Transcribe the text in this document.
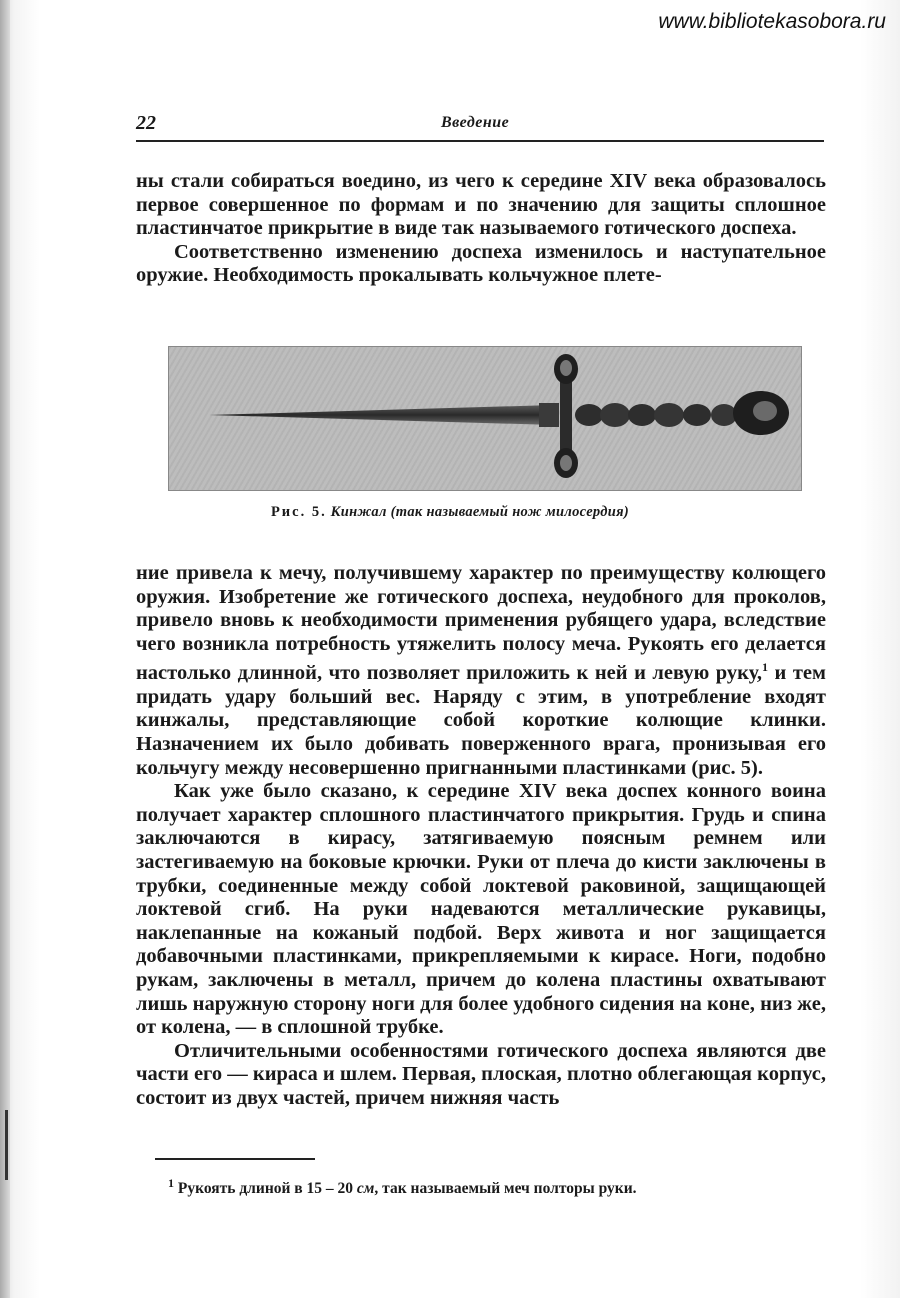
www.bibliotekasobora.ru
22	Введение

ны стали собираться воедино, из чего к середине XIV века образовалось первое совершенное по формам и по значению для защиты сплошное пластинчатое прикрытие в виде так называемого готического доспеха.

Соответственно изменению доспеха изменилось и наступательное оружие. Необходимость прокалывать кольчужное плете-

Рис. 5. Кинжал (так называемый нож милосердия)

ние привела к мечу, получившему характер по преимуществу колющего оружия. Изобретение же готического доспеха, неудобного для проколов, привело вновь к необходимости применения рубящего удара, вследствие чего возникла потребность утяжелить полосу меча. Рукоять его делается настолько длинной, что позволяет приложить к ней и левую руку,$^1$ и тем придать удару больший вес. Наряду с этим, в употребление входят кинжалы, представляющие собой короткие колющие клинки. Назначением их было добивать поверженного врага, пронизывая его кольчугу между несовершенно пригнанными пластинками (рис. 5).

Как уже было сказано, к середине XIV века доспех конного воина получает характер сплошного пластинчатого прикрытия. Грудь и спина заключаются в кирасу, затягиваемую поясным ремнем или застегиваемую на боковые крючки. Руки от плеча до кисти заключены в трубки, соединенные между собой локтевой раковиной, защищающей локтевой сгиб. На руки надеваются металлические рукавицы, наклепанные на кожаный подбой. Верх живота и ног защищается добавочными пластинками, прикрепляемыми к кирасе. Ноги, подобно рукам, заключены в металл, причем до колена пластины охватывают лишь наружную сторону ноги для более удобного сидения на коне, низ же, от колена, — в сплошной трубке.

Отличительными особенностями готического доспеха являются две части его — кираса и шлем. Первая, плоская, плотно облегающая корпус, состоит из двух частей, причем нижняя часть

$^1$ Рукоять длиной в 15 – 20 см, так называемый меч полторы руки.
